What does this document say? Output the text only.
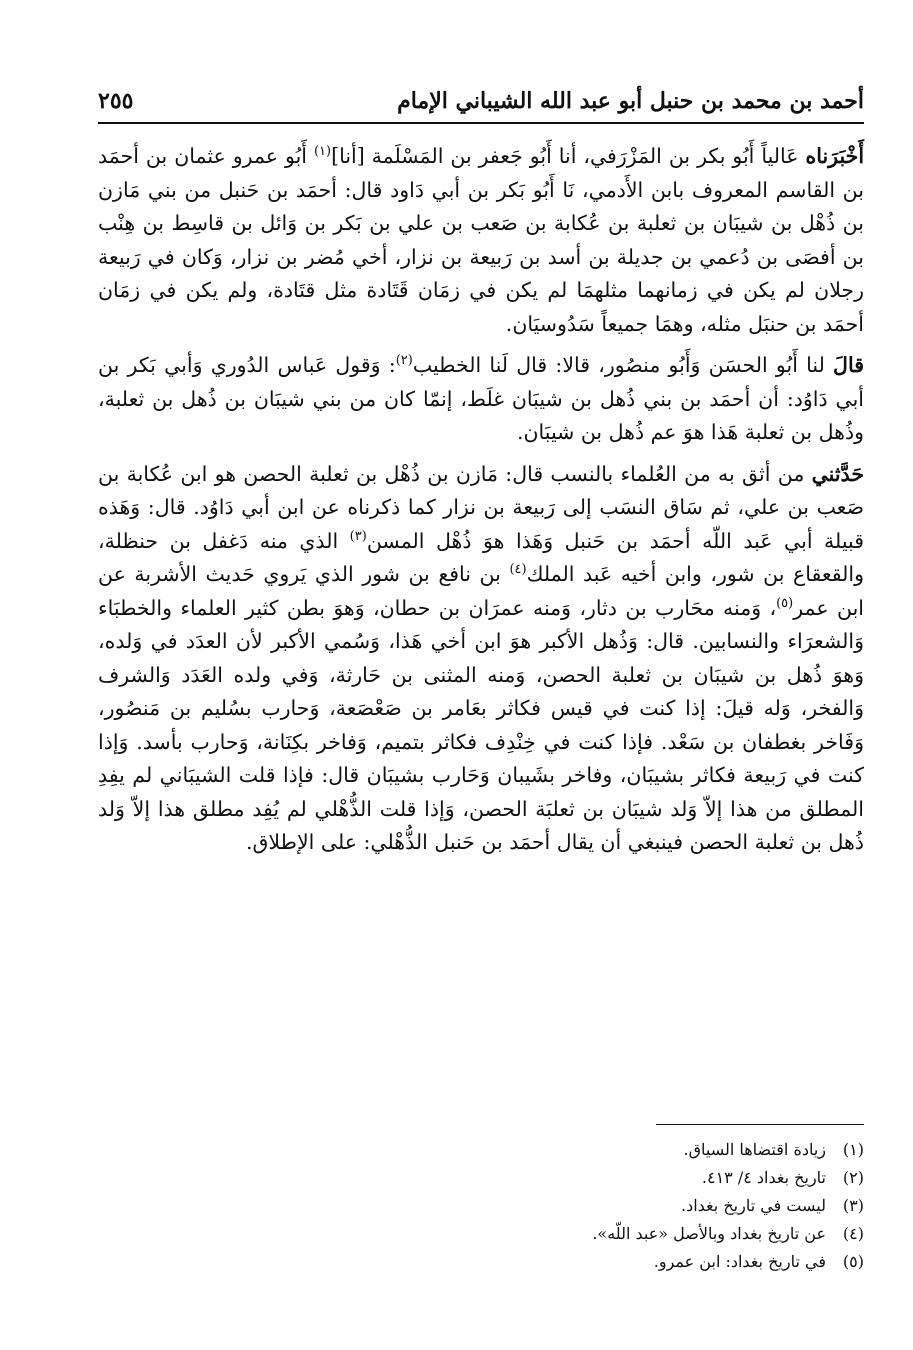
أحمد بن محمد بن حنبل أبو عبد الله الشيباني الإمام
٢٥٥

أَخْبَرَناه عَالياً أَبُو بكر بن المَزْرَفي، أنا أَبُو جَعفر بن المَسْلَمة [أنا]$^{(١)}$ أَبُو عمرو عثمان بن أحمَد بن القاسم المعروف بابن الأَدمي، نَا أَبُو بَكر بن أبي دَاود قال: أحمَد بن حَنبل من بني مَازن بن ذُهْل بن شيبَان بن ثعلبة بن عُكابة بن صَعب بن علي بن بَكر بن وَائل بن قاسِط بن هِنْب بن أفصَى بن دُعمي بن جديلة بن أسد بن رَبيعة بن نزار، أخي مُضر بن نزار، وَكان في رَبيعة رجلان لم يكن في زمانهما مثلهمَا لم يكن في زمَان قَتَادة مثل قتَادة، ولم يكن في زمَان أحمَد بن حنبَل مثله، وهمَا جميعاً سَدُوسيَان.

قالَ لنا أَبُو الحسَن وَأَبُو منصُور، قالا: قال لَنا الخطيب$^{(٢)}$: وَقول عَباس الدُوري وَأبي بَكر بن أبي دَاوُد: أن أحمَد بن بني ذُهل بن شيبَان غلَط، إنمّا كان من بني شيبَان بن ذُهل بن ثعلبة، وذُهل بن ثعلبة هَذا هوَ عم ذُهل بن شيبَان.

حَدَّثني من أثق به من العُلماء بالنسب قال: مَازن بن ذُهْل بن ثعلبة الحصن هو ابن عُكابة بن صَعب بن علي، ثم سَاق النسَب إلى رَبيعة بن نزار كما ذكرناه عن ابن أبي دَاوُد. قال: وَهَذه قبيلة أبي عَبد اللّه أحمَد بن حَنبل وَهَذا هوَ ذُهْل المسن$^{(٣)}$ الذي منه دَغفل بن حنظلة، والقعقاع بن شور، وابن أخيه عَبد الملك$^{(٤)}$ بن نافع بن شور الذي يَروي حَديث الأشربة عن ابن عمر$^{(٥)}$، وَمنه محَارب بن دثار، وَمنه عمرَان بن حطان، وَهوَ بطن كثير العلماء والخطبَاء وَالشعرَاء والنسابين. قال: وَذُهل الأكبر هوَ ابن أخي هَذا، وَسُمي الأكبر لأن العدَد في وَلده، وَهوَ ذُهل بن شيبَان بن ثعلبة الحصن، وَمنه المثنى بن حَارثة، وَفي ولده العَدَد وَالشرف وَالفخر، وَله قيلَ: إذا كنت في قيس فكاثر بعَامر بن صَعْصَعة، وَحارب بسُليم بن مَنصُور، وَفَاخر بغطفان بن سَعْد. فإذا كنت في خِنْدِف فكاثر بتميم، وَفاخر بكِنَانة، وَحارب بأسد. وَإذا كنت في رَبيعة فكاثر بشيبَان، وفاخر بشَيبان وَحَارب بشيبَان قال: فإذا قلت الشيبَاني لم يفِدِ المطلق من هذا إلاّ وَلد شيبَان بن ثعلبَة الحصن، وَإذا قلت الذُّهْلي لم يُفِد مطلق هذا إلاّ وَلد ذُهل بن ثعلبة الحصن فينبغي أن يقال أحمَد بن حَنبل الذُّهْلي: على الإطلاق.

(١)زيادة اقتضاها السياق.
(٢)تاريخ بغداد ٤/ ٤١٣.
(٣)ليست في تاريخ بغداد.
(٤)عن تاريخ بغداد وبالأصل «عبد اللّه».
(٥)في تاريخ بغداد: ابن عمرو.
